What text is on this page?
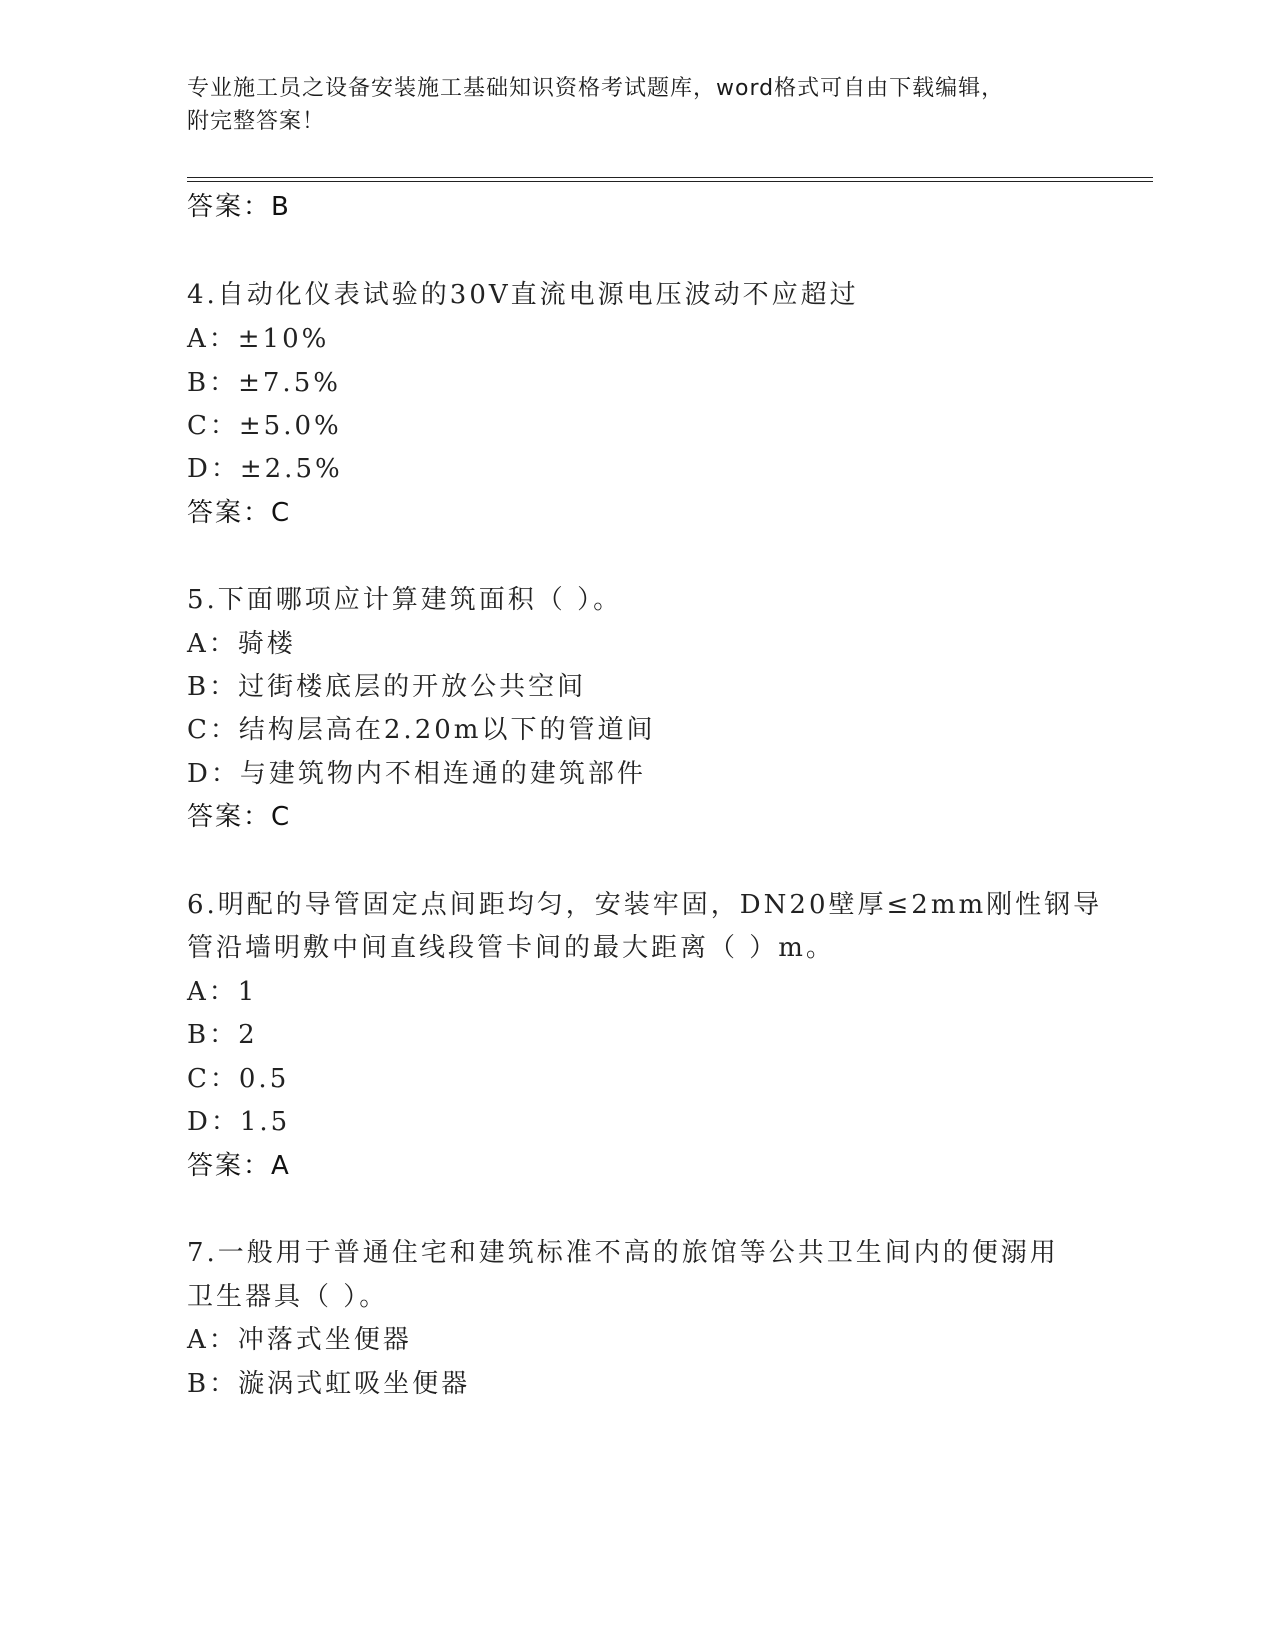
专业施工员之设备安装施工基础知识资格考试题库，word格式可自由下载编辑，
附完整答案！
答案：B
4.自动化仪表试验的30V直流电源电压波动不应超过
A：±10%
B：±7.5%
C：±5.0%
D：±2.5%
答案：C
5.下面哪项应计算建筑面积（ ）。
A：骑楼
B：过街楼底层的开放公共空间
C：结构层高在2.20m以下的管道间
D：与建筑物内不相连通的建筑部件
答案：C
6.明配的导管固定点间距均匀，安装牢固，DN20壁厚≤2mm刚性钢导
管沿墙明敷中间直线段管卡间的最大距离（ ）m。
A：1
B：2
C：0.5
D：1.5
答案：A
7.一般用于普通住宅和建筑标准不高的旅馆等公共卫生间内的便溺用
卫生器具（ ）。
A：冲落式坐便器
B：漩涡式虹吸坐便器
